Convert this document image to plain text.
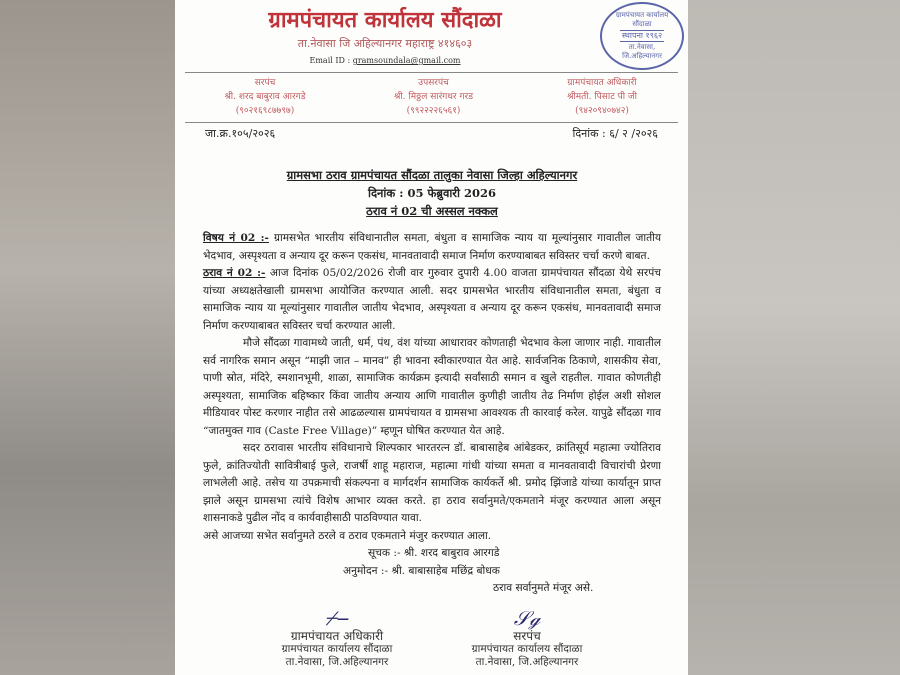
ग्रामपंचायत कार्यालय सौंदाळा
ता.नेवासा जि अहिल्यानगर महाराष्ट्र ४१४६०३
Email ID : gramsoundala@gmail.com
ग्रामपंचायत कार्यालय सौंदाळा
स्थापना १९६२
ता.नेवासा, जि.अहिल्यानगर
सरपंच
श्री. शरद बाबुराव आरगडे
(९०२१६९८७७९७)
उपसरपंच
श्री. मिठ्ठल सारंगधर गरड
(९९२२२२६५६१)
ग्रामपंचायत अधिकारी
श्रीमती. पिसाट पी जी
(९४२०९४०७४२)
जा.क्र.१०५/२०२६	दिनांक : ६/ २ /२०२६
ग्रामसभा ठराव ग्रामपंचायत सौंदळा तालुका नेवासा जिल्हा अहिल्यानगर
दिनांक : 05 फेब्रुवारी 2026
ठराव नं 02 ची अस्सल नक्कल

विषय नं 02 :- ग्रामसभेत भारतीय संविधानातील समता, बंधुता व सामाजिक न्याय या मूल्यांनुसार गावातील जातीय भेदभाव, अस्पृश्यता व अन्याय दूर करून एकसंध, मानवतावादी समाज निर्माण करण्याबाबत सविस्तर चर्चा करणे बाबत.

ठराव नं 02 :- आज दिनांक 05/02/2026 रोजी वार गुरुवार दुपारी 4.00 वाजता ग्रामपंचायत सौंदळा येथे सरपंच यांच्या अध्यक्षतेखाली ग्रामसभा आयोजित करण्यात आली. सदर ग्रामसभेत भारतीय संविधानातील समता, बंधुता व सामाजिक न्याय या मूल्यांनुसार गावातील जातीय भेदभाव, अस्पृश्यता व अन्याय दूर करून एकसंध, मानवतावादी समाज निर्माण करण्याबाबत सविस्तर चर्चा करण्यात आली.

मौजे सौंदळा गावामध्ये जाती, धर्म, पंथ, वंश यांच्या आधारावर कोणताही भेदभाव केला जाणार नाही. गावातील सर्व नागरिक समान असून “माझी जात – मानव” ही भावना स्वीकारण्यात येत आहे. सार्वजनिक ठिकाणे, शासकीय सेवा, पाणी स्रोत, मंदिरे, स्मशानभूमी, शाळा, सामाजिक कार्यक्रम इत्यादी सर्वांसाठी समान व खुले राहतील. गावात कोणतीही अस्पृश्यता, सामाजिक बहिष्कार किंवा जातीय अन्याय आणि गावातील कुणीही जातीय तेढ निर्माण होईल अशी सोशल मीडियावर पोस्ट करणार नाहीत तसे आढळल्यास ग्रामपंचायत व ग्रामसभा आवश्यक ती कारवाई करेल. यापुढे सौंदळा गाव “जातमुक्त गाव (Caste Free Village)” म्हणून घोषित करण्यात येत आहे.

सदर ठरावास भारतीय संविधानाचे शिल्पकार भारतरत्न डॉ. बाबासाहेब आंबेडकर, क्रांतिसूर्य महात्मा ज्योतिराव फुले, क्रांतिज्योती सावित्रीबाई फुले, राजर्षी शाहू महाराज, महात्मा गांधी यांच्या समता व मानवतावादी विचारांची प्रेरणा लाभलेली आहे. तसेच या उपक्रमाची संकल्पना व मार्गदर्शन सामाजिक कार्यकर्ते श्री. प्रमोद झिंजाडे यांच्या कार्यातून प्राप्त झाले असून ग्रामसभा त्यांचे विशेष आभार व्यक्त करते. हा ठराव सर्वानुमते/एकमताने मंजूर करण्यात आला असून शासनाकडे पुढील नोंद व कार्यवाहीसाठी पाठविण्यात यावा.

असे आजच्या सभेत सर्वानुमते ठरले व ठराव एकमताने मंजुर करण्यात आला.

सूचक :- श्री. शरद बाबुराव आरगडे

अनुमोदन :- श्री. बाबासाहेब मछिंद्र बोधक

ठराव सर्वानुमते मंजूर असे.

⌿‒
ग्रामपंचायत अधिकारी
ग्रामपंचायत कार्यालय सौंदाळा
ता.नेवासा, जि.अहिल्यानगर
𝒮ℊ
सरपंच
ग्रामपंचायत कार्यालय सौंदाळा
ता.नेवासा, जि.अहिल्यानगर
